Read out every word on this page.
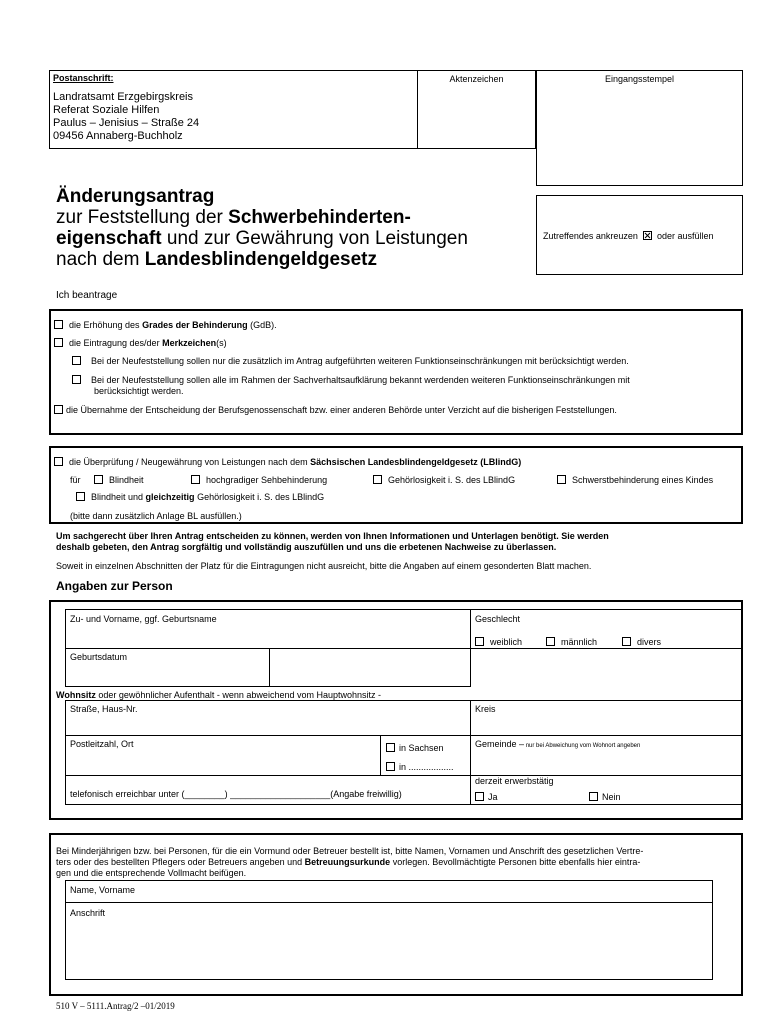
Postanschrift:
Landratsamt Erzgebirgskreis
Referat Soziale Hilfen
Paulus – Jenisius – Straße 24
09456 Annaberg-Buchholz
Aktenzeichen	Eingangsstempel
Änderungsantrag
zur Feststellung der Schwerbehinderten-
eigenschaft und zur Gewährung von Leistungen
nach dem Landesblindengeldgesetz
Zutreffendes ankreuzen oder ausfüllen
Ich beantrage
die Erhöhung des Grades der Behinderung (GdB).
die Eintragung des/der Merkzeichen(s)
Bei der Neufeststellung sollen nur die zusätzlich im Antrag aufgeführten weiteren Funktionseinschränkungen mit berücksichtigt werden.
Bei der Neufeststellung sollen alle im Rahmen der Sachverhaltsaufklärung bekannt werdenden weiteren Funktionseinschränkungen mit
berücksichtigt werden.
die Übernahme der Entscheidung der Berufsgenossenschaft bzw. einer anderen Behörde unter Verzicht auf die bisherigen Feststellungen.
die Überprüfung / Neugewährung von Leistungen nach dem Sächsischen Landesblindengeldgesetz (LBlindG)
für	Blindheit	hochgradiger Sehbehinderung	Gehörlosigkeit i. S. des LBlindG	Schwerstbehinderung eines Kindes
Blindheit und gleichzeitig Gehörlosigkeit i. S. des LBlindG
(bitte dann zusätzlich Anlage BL ausfüllen.)
Um sachgerecht über Ihren Antrag entscheiden zu können, werden von Ihnen Informationen und Unterlagen benötigt. Sie werden
deshalb gebeten, den Antrag sorgfältig und vollständig auszufüllen und uns die erbetenen Nachweise zu überlassen.
Soweit in einzelnen Abschnitten der Platz für die Eintragungen nicht ausreicht, bitte die Angaben auf einem gesonderten Blatt machen.
Angaben zur Person
Zu- und Vorname, ggf. Geburtsname	Geschlecht
weiblich	männlich	divers
Geburtsdatum
Wohnsitz oder gewöhnlicher Aufenthalt - wenn abweichend vom Hauptwohnsitz -
Straße, Haus-Nr.	Kreis
Postleitzahl, Ort	in Sachsen
in ..................
Gemeinde – nur bei Abweichung vom Wohnort angeben
telefonisch erreichbar unter (________) ____________________(Angabe freiwillig)
derzeit erwerbstätig
Ja	Nein
Bei Minderjährigen bzw. bei Personen, für die ein Vormund oder Betreuer bestellt ist, bitte Namen, Vornamen und Anschrift des gesetzlichen Vertre-
ters oder des bestellten Pflegers oder Betreuers angeben und Betreuungsurkunde vorlegen. Bevollmächtigte Personen bitte ebenfalls hier eintra-
gen und die entsprechende Vollmacht beifügen.
Name, Vorname
Anschrift
510 V – 5111.Antrag/2 –01/2019
